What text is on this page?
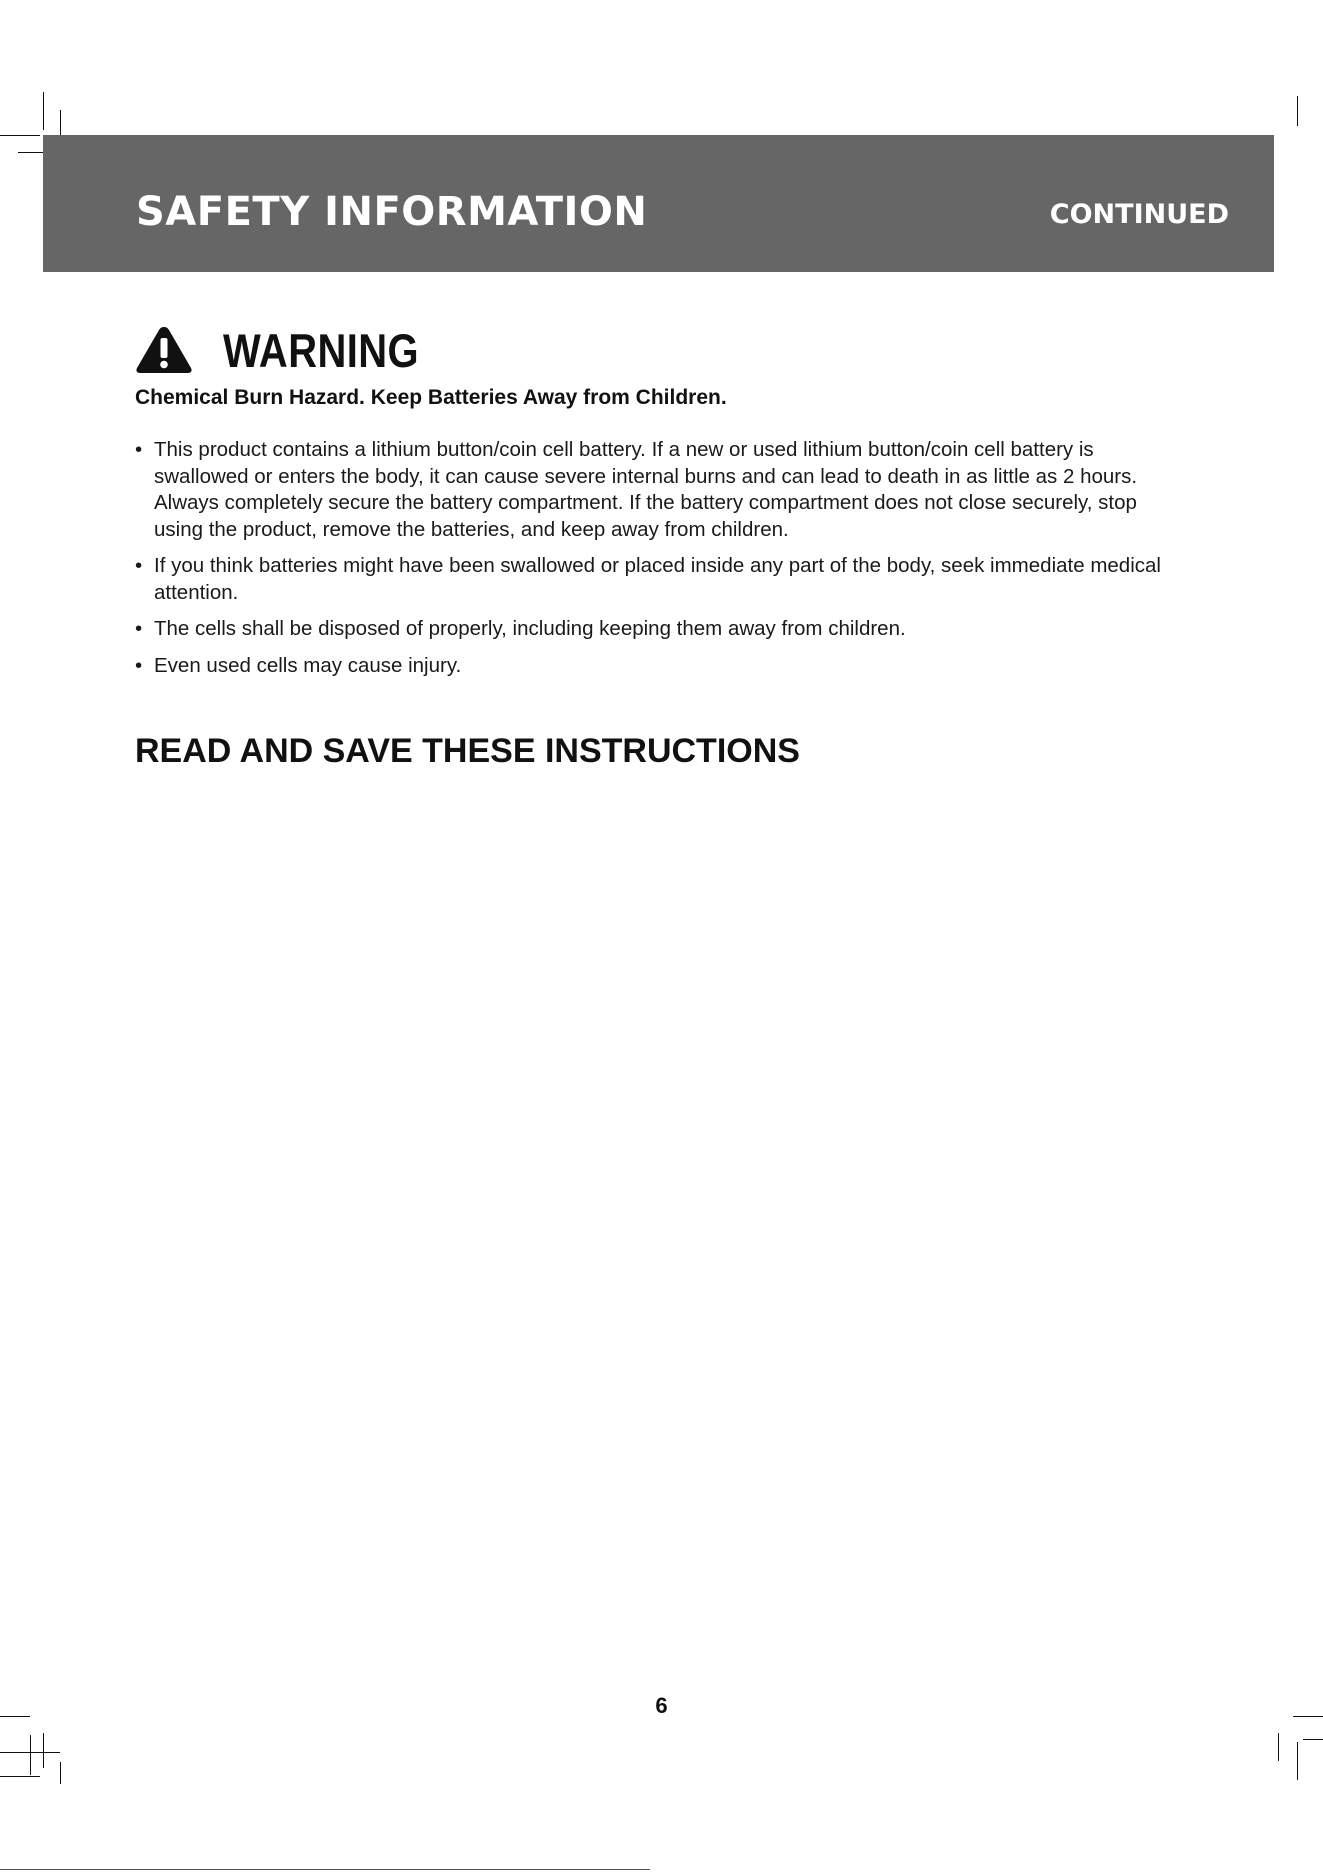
SAFETY INFORMATION	CONTINUED
WARNING
Chemical Burn Hazard. Keep Batteries Away from Children.
• This product contains a lithium button/coin cell battery. If a new or used lithium button/coin cell battery is swallowed or enters the body, it can cause severe internal burns and can lead to death in as little as 2 hours. Always completely secure the battery compartment. If the battery compartment does not close securely, stop using the product, remove the batteries, and keep away from children.
• If you think batteries might have been swallowed or placed inside any part of the body, seek immediate medical attention.
• The cells shall be disposed of properly, including keeping them away from children.
• Even used cells may cause injury.
READ AND SAVE THESE INSTRUCTIONS
6
